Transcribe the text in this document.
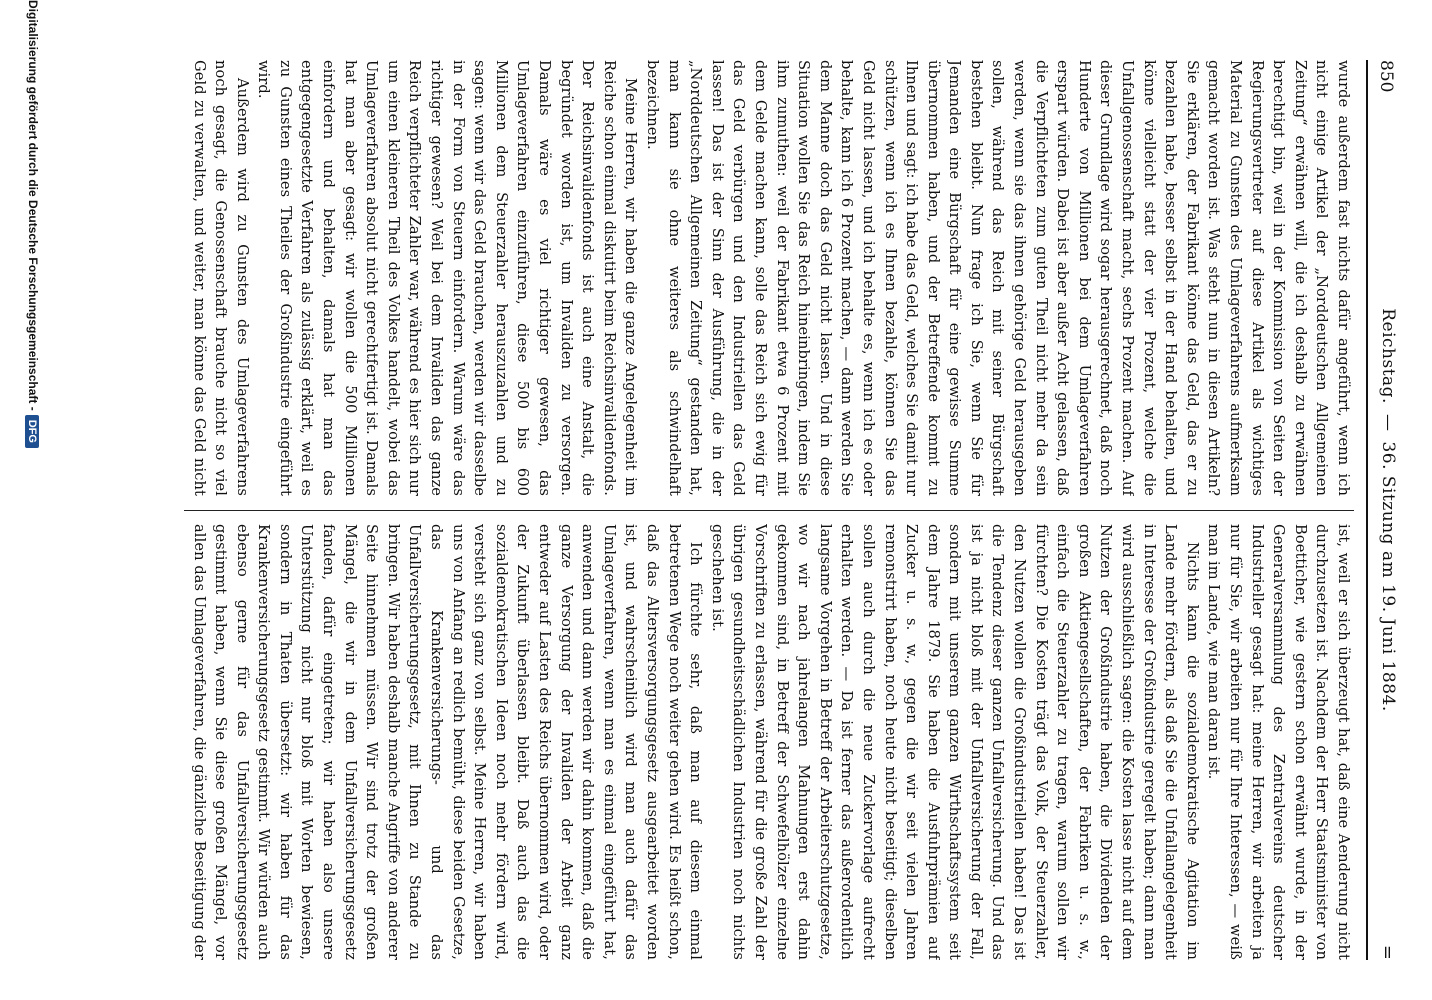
850
Reichstag.—36. Sitzung am 19. Juni 1884.
=

wurde außerdem fast nichts dafür angeführt, wenn ich nicht einige Artikel der „Norddeutschen Allgemeinen Zeitung“ erwähnen will, die ich deshalb zu erwähnen berechtigt bin, weil in der Kommission von Seiten der Regierungsvertreter auf diese Artikel als wichtiges Material zu Gunsten des Umlageverfahrens aufmerksam gemacht worden ist. Was steht nun in diesen Artikeln? Sie erklären, der Fabrikant könne das Geld, das er zu bezahlen habe, besser selbst in der Hand behalten, und könne vielleicht statt der vier Prozent, welche die Unfallgenossenschaft macht, sechs Prozent machen. Auf dieser Grundlage wird sogar herausgerechnet, daß noch Hunderte von Millionen bei dem Umlageverfahren erspart würden. Dabei ist aber außer Acht gelassen, daß die Verpflichteten zum guten Theil nicht mehr da sein werden, wenn sie das ihnen gehörige Geld herausgeben sollen, während das Reich mit seiner Bürgschaft bestehen bleibt. Nun frage ich Sie, wenn Sie für Jemanden eine Bürgschaft für eine gewisse Summe übernommen haben, und der Betreffende kommt zu Ihnen und sagt: ich habe das Geld, welches Sie damit nur schützen, wenn ich es Ihnen bezahle, können Sie das Geld nicht lassen, und ich behalte es, wenn ich es oder behalte, kann ich 6 Prozent machen, — dann werden Sie dem Manne doch das Geld nicht lassen. Und in diese Situation wollen Sie das Reich hineinbringen, indem Sie ihm zumuthen: weil der Fabrikant etwa 6 Prozent mit dem Gelde machen kann, solle das Reich sich ewig für das Geld verbürgen und den Industriellen das Geld lassen! Das ist der Sinn der Ausführung, die in der „Norddeutschen Allgemeinen Zeitung“ gestanden hat, man kann sie ohne weiteres als schwindelhaft bezeichnen.

Meine Herren, wir haben die ganze Angelegenheit im Reiche schon einmal diskutirt beim Reichsinvalidenfonds. Der Reichsinvalidenfonds ist auch eine Anstalt, die begründet worden ist, um Invaliden zu versorgen. Damals wäre es viel richtiger gewesen, das Umlageverfahren einzuführen, diese 500 bis 600 Millionen dem Steuerzahler herauszuzahlen und zu sagen: wenn wir das Geld brauchen, werden wir dasselbe in der Form von Steuern einfordern. Warum wäre das richtiger gewesen? Weil bei dem Invaliden das ganze Reich verpflichteter Zahler war, während es hier sich nur um einen kleineren Theil des Volkes handelt, wobei das Umlageverfahren absolut nicht gerechtfertigt ist. Damals hat man aber gesagt: wir wollen die 500 Millionen einfordern und behalten, damals hat man das entgegengesetzte Verfahren als zulässig erklärt, weil es zu Gunsten eines Theiles der Großindustrie eingeführt wird.

Außerdem wird zu Gunsten des Umlageverfahrens noch gesagt, die Genossenschaft brauche nicht so viel Geld zu verwalten, und weiter, man könne das Geld nicht

ist, weil er sich überzeugt hat, daß eine Aenderung nicht durchzusetzen ist. Nachdem der Herr Staatsminister von Boetticher, wie gestern schon erwähnt wurde, in der Generalversammlung des Zentralvereins deutscher Industrieller gesagt hat: meine Herren, wir arbeiten ja nur für Sie, wir arbeiten nur für Ihre Interessen, — weiß man im Lande, wie man daran ist.

Nichts kann die sozialdemokratische Agitation im Lande mehr fördern, als daß Sie die Unfallangelegenheit in Interesse der Großindustrie geregelt haben; dann man wird ausschließlich sagen: die Kosten lasse nicht auf dem Nutzen der Großindustrie haben, die Dividenden der großen Aktiengesellschaften, der Fabriken u. s. w., einfach die Steuerzahler zu tragen, warum sollen wir fürchten? Die Kosten trägt das Volk, der Steuerzahler, den Nutzen wollen die Großindustriellen haben! Das ist die Tendenz dieser ganzen Unfallversicherung. Und das ist ja nicht bloß mit der Unfallversicherung der Fall, sondern mit unserem ganzen Wirthschaftssystem seit dem Jahre 1879. Sie haben die Ausfuhrprämien auf Zucker u. s. w., gegen die wir seit vielen Jahren remonstrirt haben, noch heute nicht beseitigt; dieselben sollen auch durch die neue Zuckervorlage aufrecht erhalten werden. — Da ist ferner das außerordentlich langsame Vorgehen in Betreff der Arbeiterschutzgesetze, wo wir nach jahrelangen Mahnungen erst dahin gekommen sind, in Betreff der Schwefelhölzer einzelne Vorschriften zu erlassen, während für die große Zahl der übrigen gesundheitsschädlichen Industrien noch nichts geschehen ist.

Ich fürchte sehr, daß man auf diesem einmal betretenen Wege noch weiter gehen wird. Es heißt schon, daß das Altersversorgungsgesetz ausgearbeitet worden ist, und wahrscheinlich wird man auch dafür das Umlageverfahren, wenn man es einmal eingeführt hat, anwenden und dann werden wir dahin kommen, daß die ganze Versorgung der Invaliden der Arbeit ganz entweder auf Lasten des Reichs übernommen wird, oder der Zukunft überlassen bleibt. Daß auch das die sozialdemokratischen Ideen noch mehr fördern wird, versteht sich ganz von selbst. Meine Herren, wir haben uns von Anfang an redlich bemüht, diese beiden Gesetze, das Krankenversicherungs- und das Unfallversicherungsgesetz, mit Ihnen zu Stande zu bringen. Wir haben deshalb manche Angriffe von anderer Seite hinnehmen müssen. Wir sind trotz der großen Mängel, die wir in dem Unfallversicherungsgesetz fanden, dafür eingetreten; wir haben also unsere Unterstützung nicht nur bloß mit Worten bewiesen, sondern in Thaten übersetzt: wir haben für das Krankenversicherungsgesetz gestimmt. Wir würden auch ebenso gerne für das Unfallversicherungsgesetz gestimmt haben, wenn Sie diese großen Mängel, vor allen das Umlageverfahren, die gänzliche Beseitigung der

Digitalisierung gefördert durch die Deutsche Forschungsgemeinschaft -DFG
